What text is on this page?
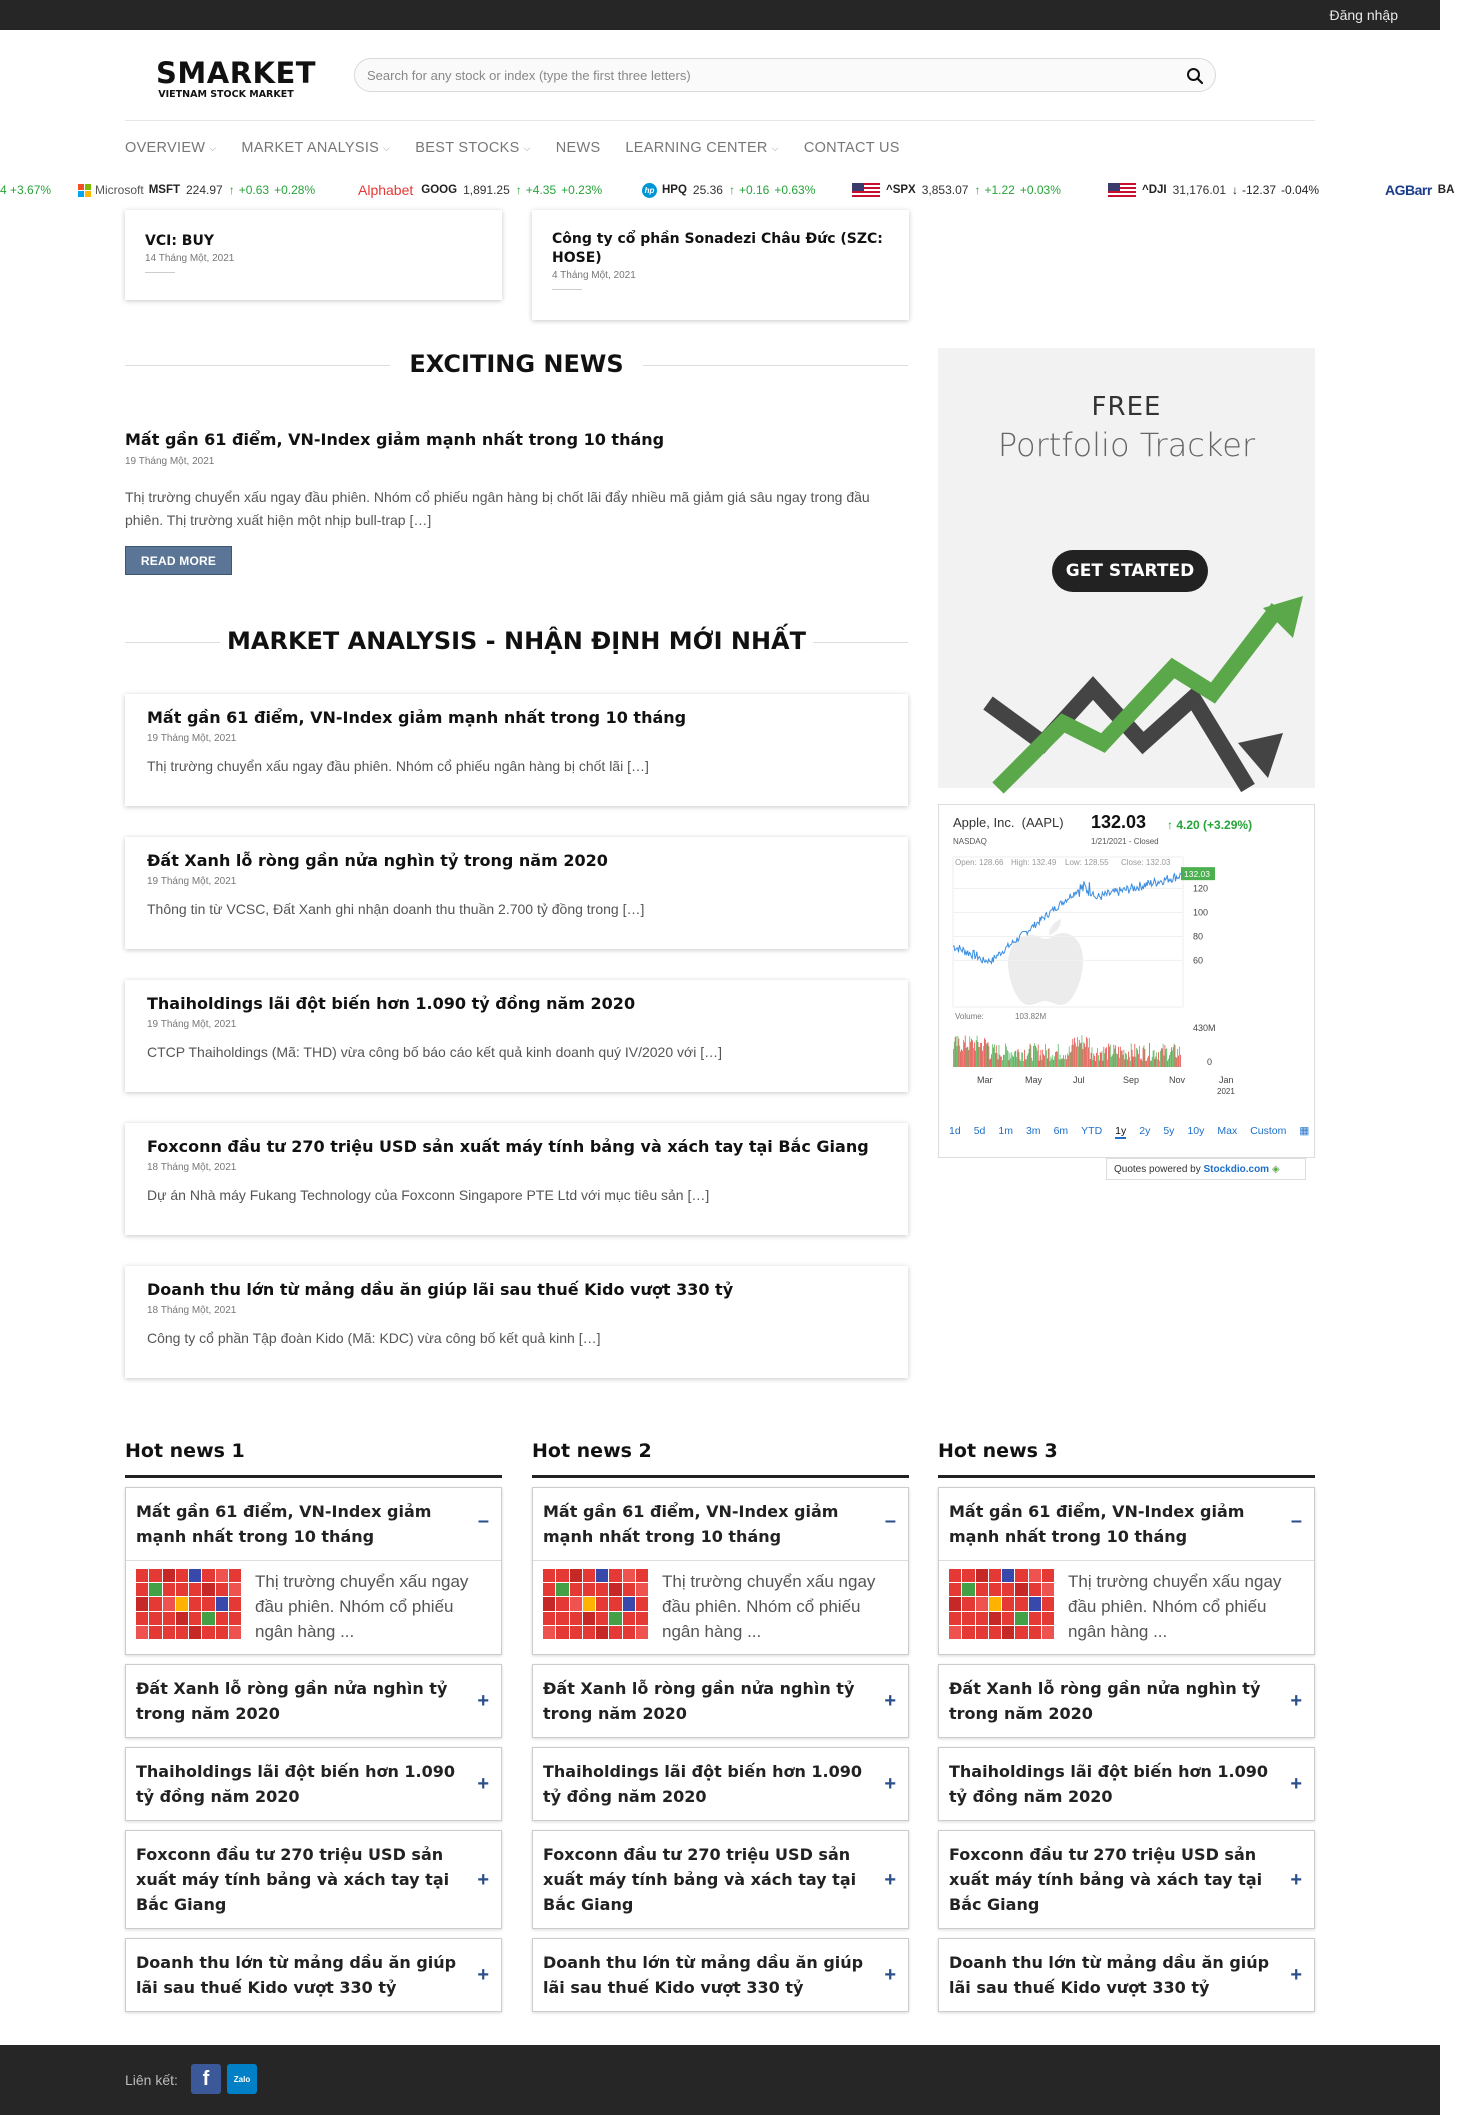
Đăng nhập
SMARKET
VIETNAM STOCK MARKET
Search for any stock or index (type the first three letters)
OVERVIEW ⌵ MARKET ANALYSIS ⌵ BEST STOCKS ⌵ NEWS LEARNING CENTER ⌵ CONTACT US
4 +3.67%	Microsoft MSFT 224.97 ↑ +0.63 +0.28%	Alphabet GOOG 1,891.25 ↑ +4.35 +0.23%	hp HPQ 25.36 ↑ +0.16 +0.63%	^SPX 3,853.07 ↑ +1.22 +0.03%	^DJI 31,176.01 ↓ -12.37 -0.04%	AGBarr BA
VCI: BUY
14 Tháng Một, 2021
Công ty cổ phần Sonadezi Châu Đức (SZC: HOSE)
4 Tháng Một, 2021
EXCITING NEWS
Mất gần 61 điểm, VN-Index giảm mạnh nhất trong 10 tháng
19 Tháng Một, 2021
Thị trường chuyển xấu ngay đầu phiên. Nhóm cổ phiếu ngân hàng bị chốt lãi đẩy nhiều mã giảm giá sâu ngay trong đầu phiên. Thị trường xuất hiện một nhịp bull-trap […]
READ MORE
MARKET ANALYSIS - NHẬN ĐỊNH MỚI NHẤT
Mất gần 61 điểm, VN-Index giảm mạnh nhất trong 10 tháng
19 Tháng Một, 2021
Thị trường chuyển xấu ngay đầu phiên. Nhóm cổ phiếu ngân hàng bị chốt lãi […]
Đất Xanh lỗ ròng gần nửa nghìn tỷ trong năm 2020
19 Tháng Một, 2021
Thông tin từ VCSC, Đất Xanh ghi nhận doanh thu thuần 2.700 tỷ đồng trong […]
Thaiholdings lãi đột biến hơn 1.090 tỷ đồng năm 2020
19 Tháng Một, 2021
CTCP Thaiholdings (Mã: THD) vừa công bố báo cáo kết quả kinh doanh quý IV/2020 với […]
Foxconn đầu tư 270 triệu USD sản xuất máy tính bảng và xách tay tại Bắc Giang
18 Tháng Một, 2021
Dự án Nhà máy Fukang Technology của Foxconn Singapore PTE Ltd với mục tiêu sản […]
Doanh thu lớn từ mảng dầu ăn giúp lãi sau thuế Kido vượt 330 tỷ
18 Tháng Một, 2021
Công ty cổ phần Tập đoàn Kido (Mã: KDC) vừa công bố kết quả kinh […]
FREE
Portfolio Tracker
GET STARTED
Apple, Inc. (AAPL)
NASDAQ
132.03 ↑ 4.20 (+3.29%)
1/21/2021 - Closed
120
100
80
60
Open: 128.66 High: 132.49 Low: 128.55 Close: 132.03
132.03
Volume:	103.82M
430M
0
Mar	May	Jul	Sep	Nov	Jan
2021
1d 5d 1m 3m 6m YTD 1y 2y 5y 10y Max Custom ▦
Quotes powered by Stockdio.com ◈
Hot news 1
Mất gần 61 điểm, VN-Index giảm mạnh nhất trong 10 tháng
–
Thị trường chuyển xấu ngay đầu phiên. Nhóm cổ phiếu ngân hàng ...
Đất Xanh lỗ ròng gần nửa nghìn tỷ trong năm 2020
+
Thaiholdings lãi đột biến hơn 1.090 tỷ đồng năm 2020
+
Foxconn đầu tư 270 triệu USD sản xuất máy tính bảng và xách tay tại Bắc Giang
+
Doanh thu lớn từ mảng dầu ăn giúp lãi sau thuế Kido vượt 330 tỷ
+
Hot news 2
Mất gần 61 điểm, VN-Index giảm mạnh nhất trong 10 tháng
–
Thị trường chuyển xấu ngay đầu phiên. Nhóm cổ phiếu ngân hàng ...
Đất Xanh lỗ ròng gần nửa nghìn tỷ trong năm 2020
+
Thaiholdings lãi đột biến hơn 1.090 tỷ đồng năm 2020
+
Foxconn đầu tư 270 triệu USD sản xuất máy tính bảng và xách tay tại Bắc Giang
+
Doanh thu lớn từ mảng dầu ăn giúp lãi sau thuế Kido vượt 330 tỷ
+
Hot news 3
Mất gần 61 điểm, VN-Index giảm mạnh nhất trong 10 tháng
–
Thị trường chuyển xấu ngay đầu phiên. Nhóm cổ phiếu ngân hàng ...
Đất Xanh lỗ ròng gần nửa nghìn tỷ trong năm 2020
+
Thaiholdings lãi đột biến hơn 1.090 tỷ đồng năm 2020
+
Foxconn đầu tư 270 triệu USD sản xuất máy tính bảng và xách tay tại Bắc Giang
+
Doanh thu lớn từ mảng dầu ăn giúp lãi sau thuế Kido vượt 330 tỷ
+
Liên kết:	f	Zalo
